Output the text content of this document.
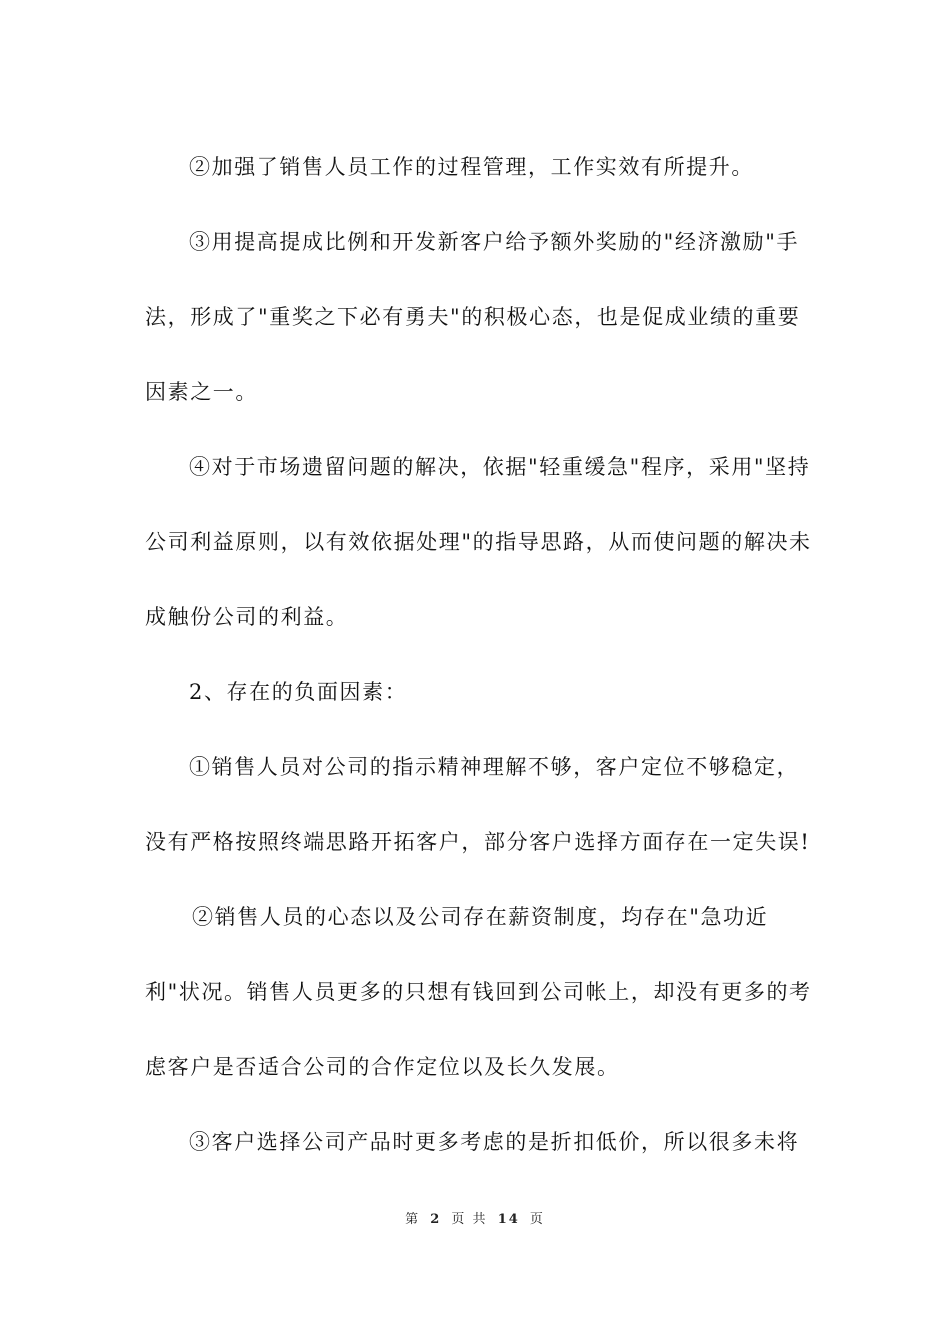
②加强了销售人员工作的过程管理，工作实效有所提升。
③用提高提成比例和开发新客户给予额外奖励的"经济激励"手
法，形成了"重奖之下必有勇夫"的积极心态，也是促成业绩的重要
因素之一。
④对于市场遗留问题的解决，依据"轻重缓急"程序，采用"坚持
公司利益原则，以有效依据处理"的指导思路，从而使问题的解决未
成触份公司的利益。
2、存在的负面因素：
①销售人员对公司的指示精神理解不够，客户定位不够稳定，
没有严格按照终端思路开拓客户，部分客户选择方面存在一定失误!
②销售人员的心态以及公司存在薪资制度，均存在"急功近
利"状况。销售人员更多的只想有钱回到公司帐上，却没有更多的考
虑客户是否适合公司的合作定位以及长久发展。
③客户选择公司产品时更多考虑的是折扣低价，所以很多未将
第 2 页 共 14 页
